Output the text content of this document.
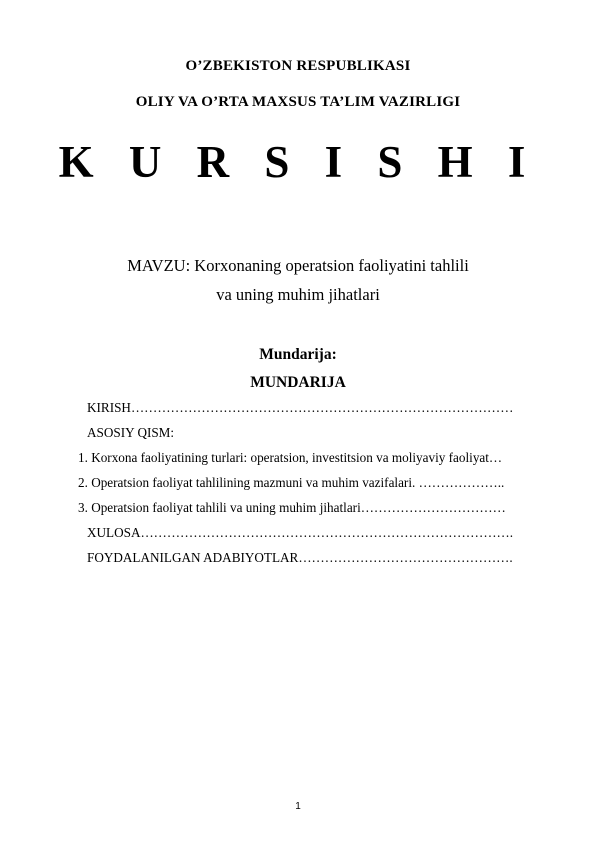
O’ZBEKISTON RESPUBLIKASI
OLIY VA O’RTA MAXSUS TA’LIM VAZIRLIGI
K U R S I S H I
MAVZU: Korxonaning operatsion faoliyatini tahlili
va uning muhim jihatlari
Mundarija:
MUNDARIJA
KIRISH……………………………………………………………………………
ASOSIY QISM:
1. Korxona faoliyatining turlari: operatsion, investitsion va moliyaviy faoliyat…
2. Operatsion faoliyat tahlilining mazmuni va muhim vazifalari. ………………..
3. Operatsion faoliyat tahlili va uning muhim jihatlari……………………………
XULOSA………………………………………………………………………….
FOYDALANILGAN ADABIYOTLAR………………………………………….
1
